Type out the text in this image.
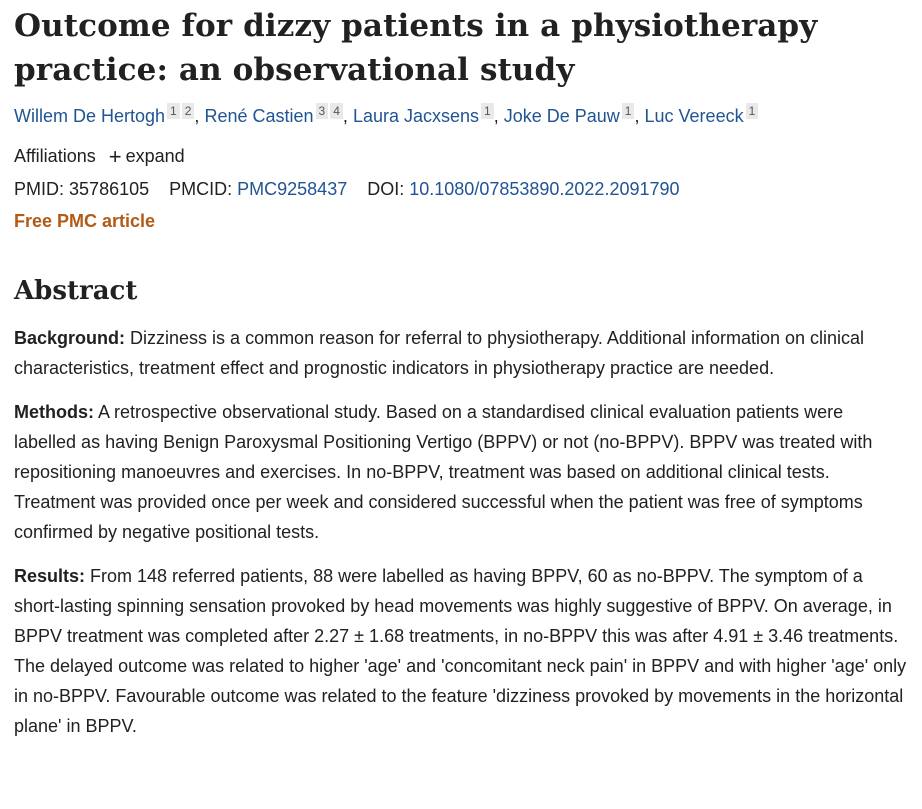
Outcome for dizzy patients in a physiotherapy practice: an observational study
Willem De Hertogh 1 2 , René Castien 3 4 , Laura Jacxsens 1 , Joke De Pauw 1 , Luc Vereeck 1
Affiliations + expand
PMID: 35786105 PMCID: PMC9258437 DOI: 10.1080/07853890.2022.2091790
Free PMC article
Abstract
Background: Dizziness is a common reason for referral to physiotherapy. Additional information on clinical characteristics, treatment effect and prognostic indicators in physiotherapy practice are needed.
Methods: A retrospective observational study. Based on a standardised clinical evaluation patients were labelled as having Benign Paroxysmal Positioning Vertigo (BPPV) or not (no-BPPV). BPPV was treated with repositioning manoeuvres and exercises. In no-BPPV, treatment was based on additional clinical tests. Treatment was provided once per week and considered successful when the patient was free of symptoms confirmed by negative positional tests.
Results: From 148 referred patients, 88 were labelled as having BPPV, 60 as no-BPPV. The symptom of a short-lasting spinning sensation provoked by head movements was highly suggestive of BPPV. On average, in BPPV treatment was completed after 2.27 ± 1.68 treatments, in no-BPPV this was after 4.91 ± 3.46 treatments. The delayed outcome was related to higher 'age' and 'concomitant neck pain' in BPPV and with higher 'age' only in no-BPPV. Favourable outcome was related to the feature 'dizziness provoked by movements in the horizontal plane' in BPPV.
